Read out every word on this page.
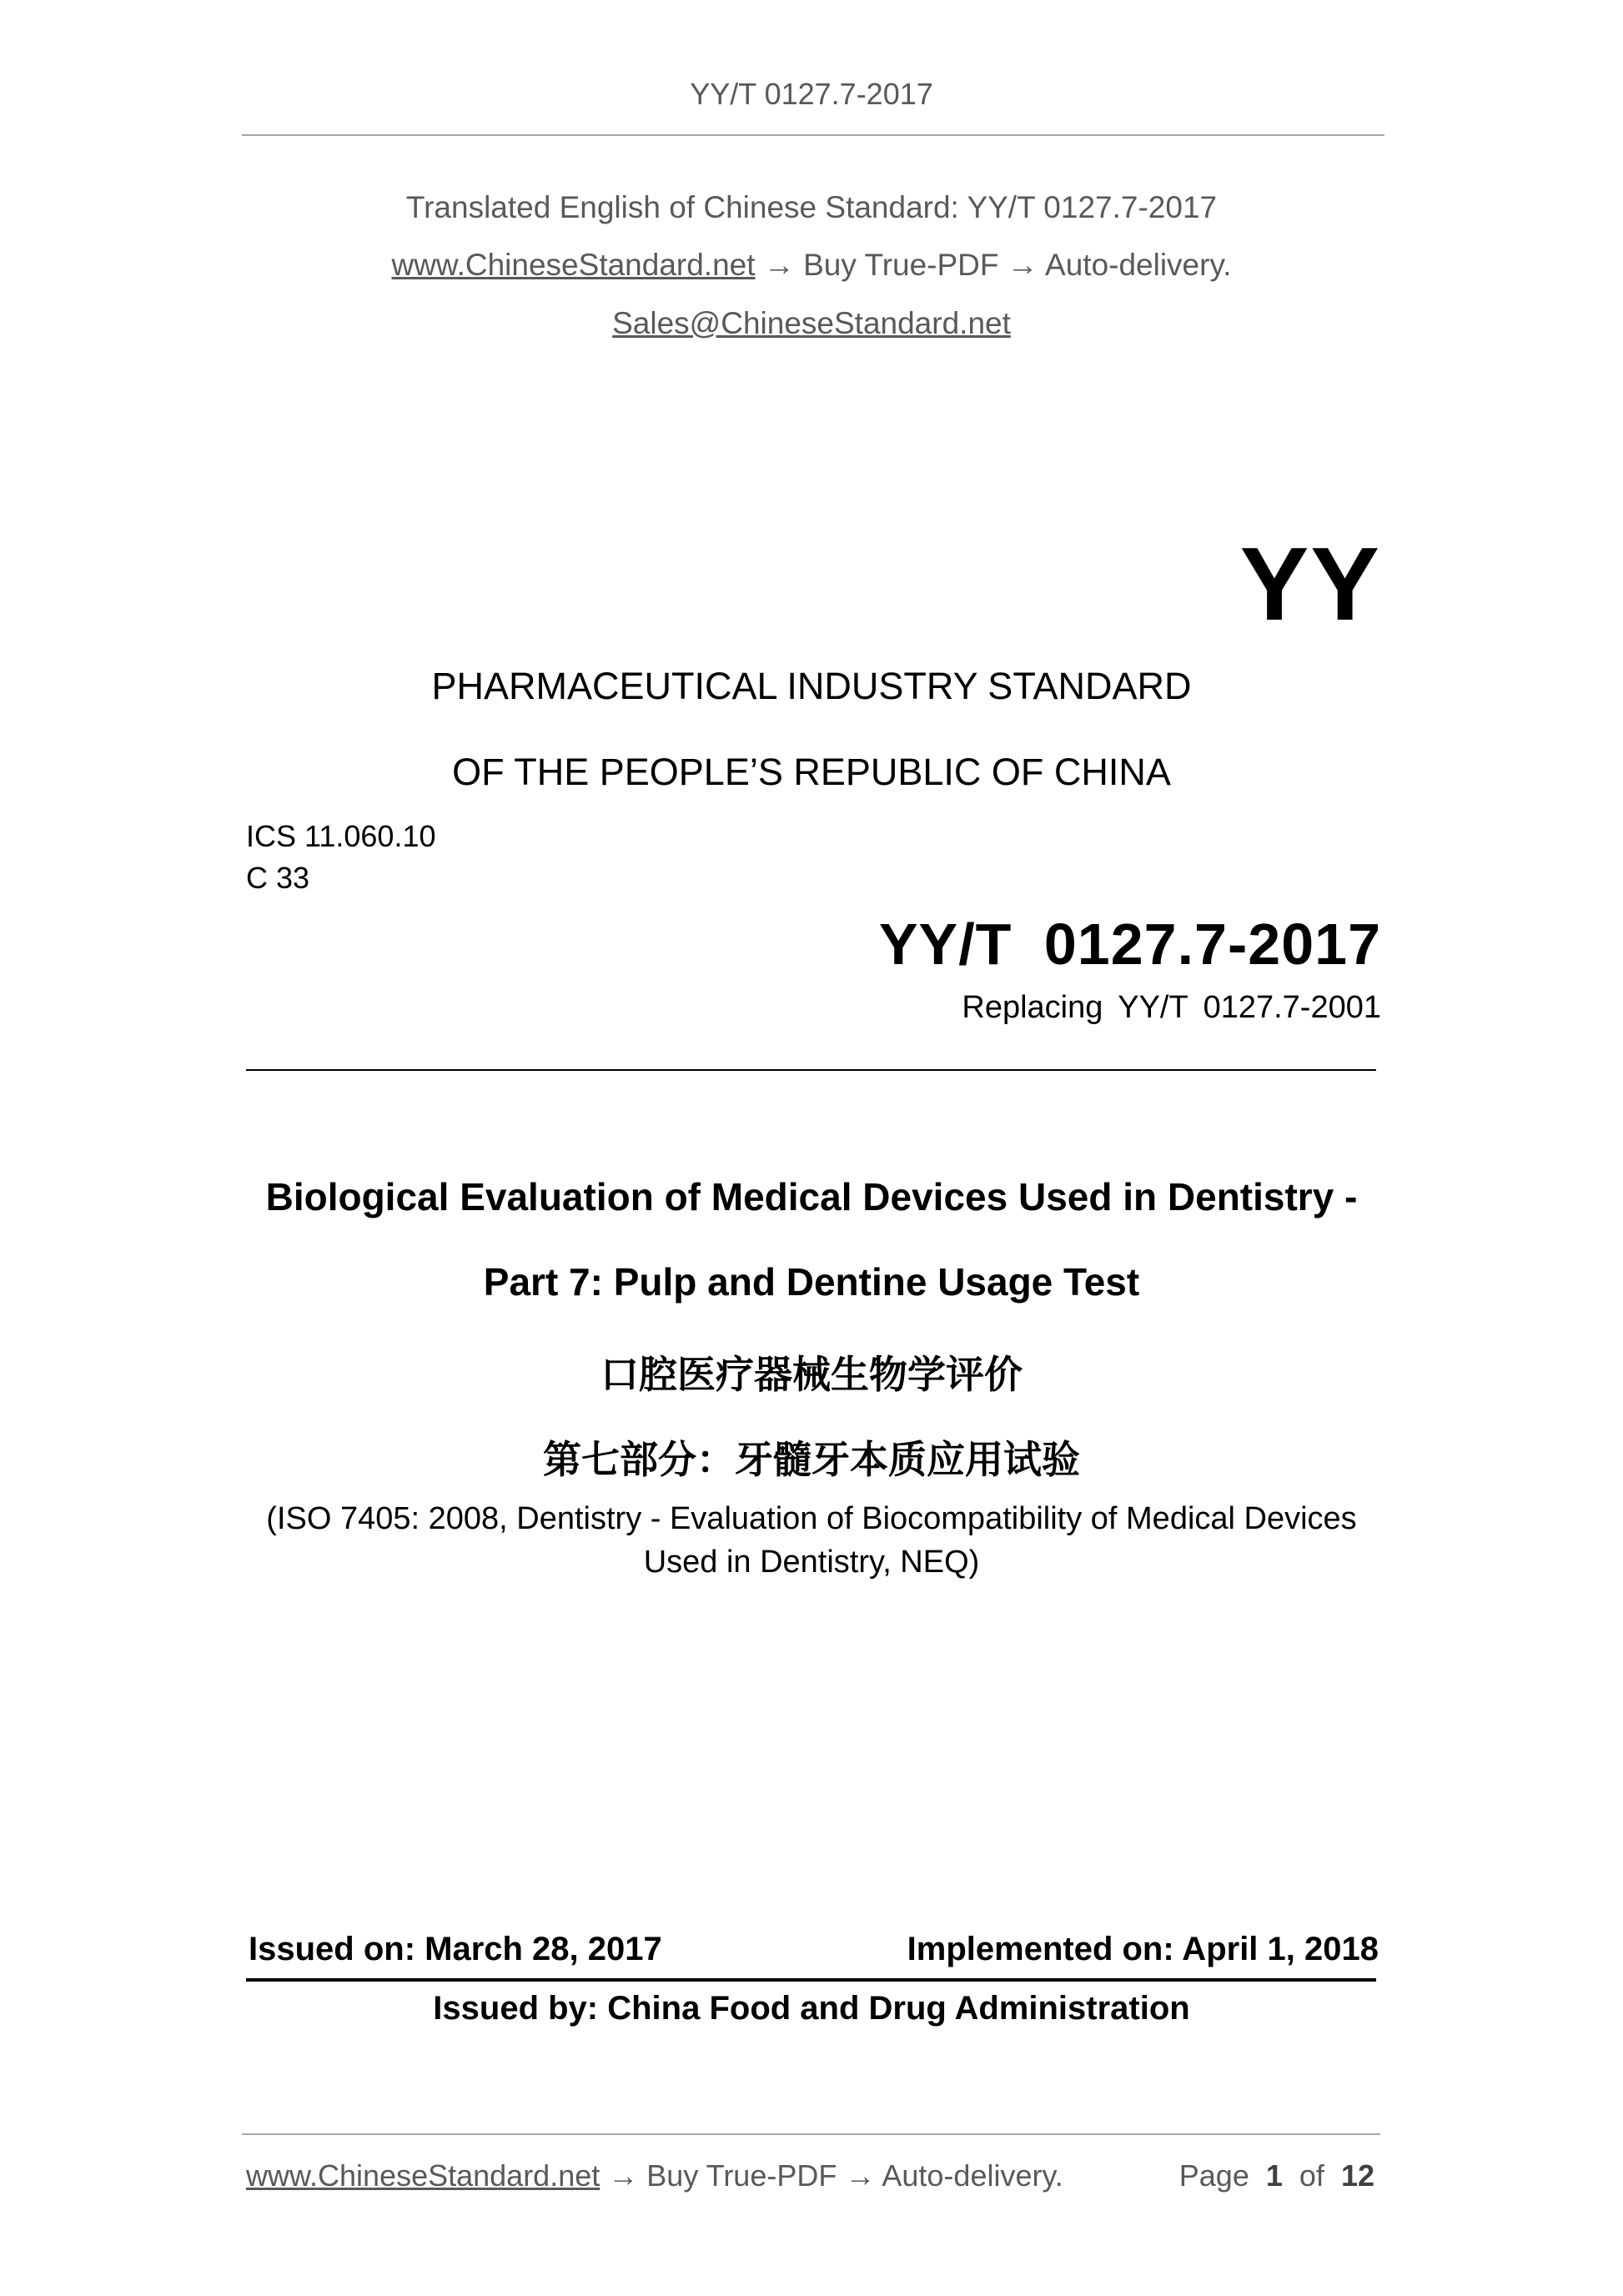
YY/T 0127.7-2017
Translated English of Chinese Standard: YY/T 0127.7-2017
www.ChineseStandard.net → Buy True-PDF → Auto-delivery.
Sales@ChineseStandard.net
YY
PHARMACEUTICAL INDUSTRY STANDARD
OF THE PEOPLE’S REPUBLIC OF CHINA
ICS 11.060.10
C 33
YY/T 0127.7-2017
Replacing YY/T 0127.7-2001
Biological Evaluation of Medical Devices Used in Dentistry -
Part 7: Pulp and Dentine Usage Test
口腔医疗器械生物学评价
第七部分：牙髓牙本质应用试验
(ISO 7405: 2008, Dentistry - Evaluation of Biocompatibility of Medical Devices
Used in Dentistry, NEQ)
Issued on: March 28, 2017	Implemented on: April 1, 2018
Issued by: China Food and Drug Administration
www.ChineseStandard.net → Buy True-PDF → Auto-delivery.	Page 1 of 12
